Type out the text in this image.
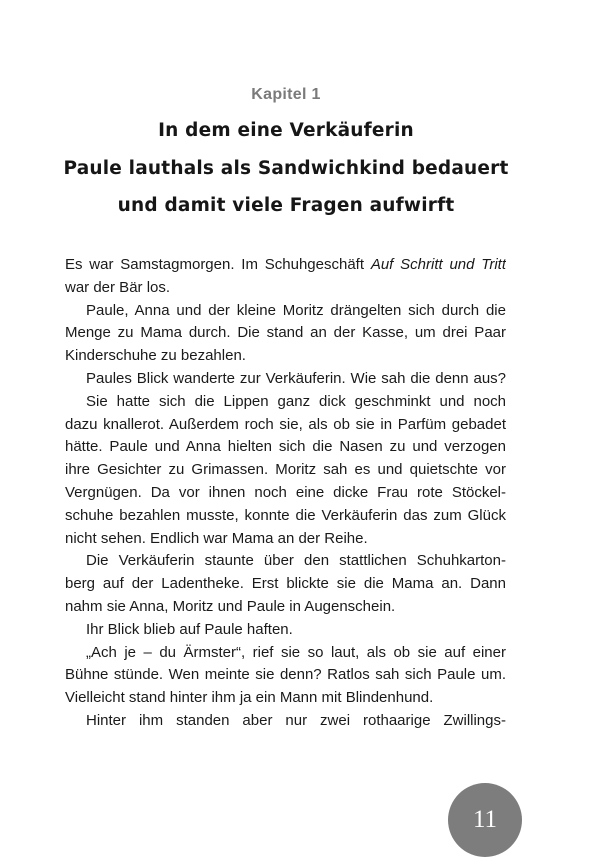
Kapitel 1
In dem eine Verkäuferin
Paule lauthals als Sandwichkind bedauert
und damit viele Fragen aufwirft
Es war Samstagmorgen. Im Schuhgeschäft Auf Schritt und Tritt
war der Bär los.
Paule, Anna und der kleine Moritz drängelten sich durch die
Menge zu Mama durch. Die stand an der Kasse, um drei Paar
Kinderschuhe zu bezahlen.
Paules Blick wanderte zur Verkäuferin. Wie sah die denn aus?
Sie hatte sich die Lippen ganz dick geschminkt und noch
dazu knallerot. Außerdem roch sie, als ob sie in Parfüm gebadet
hätte. Paule und Anna hielten sich die Nasen zu und verzogen
ihre Gesichter zu Grimassen. Moritz sah es und quietschte vor
Vergnügen. Da vor ihnen noch eine dicke Frau rote Stöckel-
schuhe bezahlen musste, konnte die Verkäuferin das zum Glück
nicht sehen. Endlich war Mama an der Reihe.
Die Verkäuferin staunte über den stattlichen Schuhkarton-
berg auf der Ladentheke. Erst blickte sie die Mama an. Dann
nahm sie Anna, Moritz und Paule in Augenschein.
Ihr Blick blieb auf Paule haften.
„Ach je – du Ärmster“, rief sie so laut, als ob sie auf einer
Bühne stünde. Wen meinte sie denn? Ratlos sah sich Paule um.
Vielleicht stand hinter ihm ja ein Mann mit Blindenhund.
Hinter ihm standen aber nur zwei rothaarige Zwillings-
11
